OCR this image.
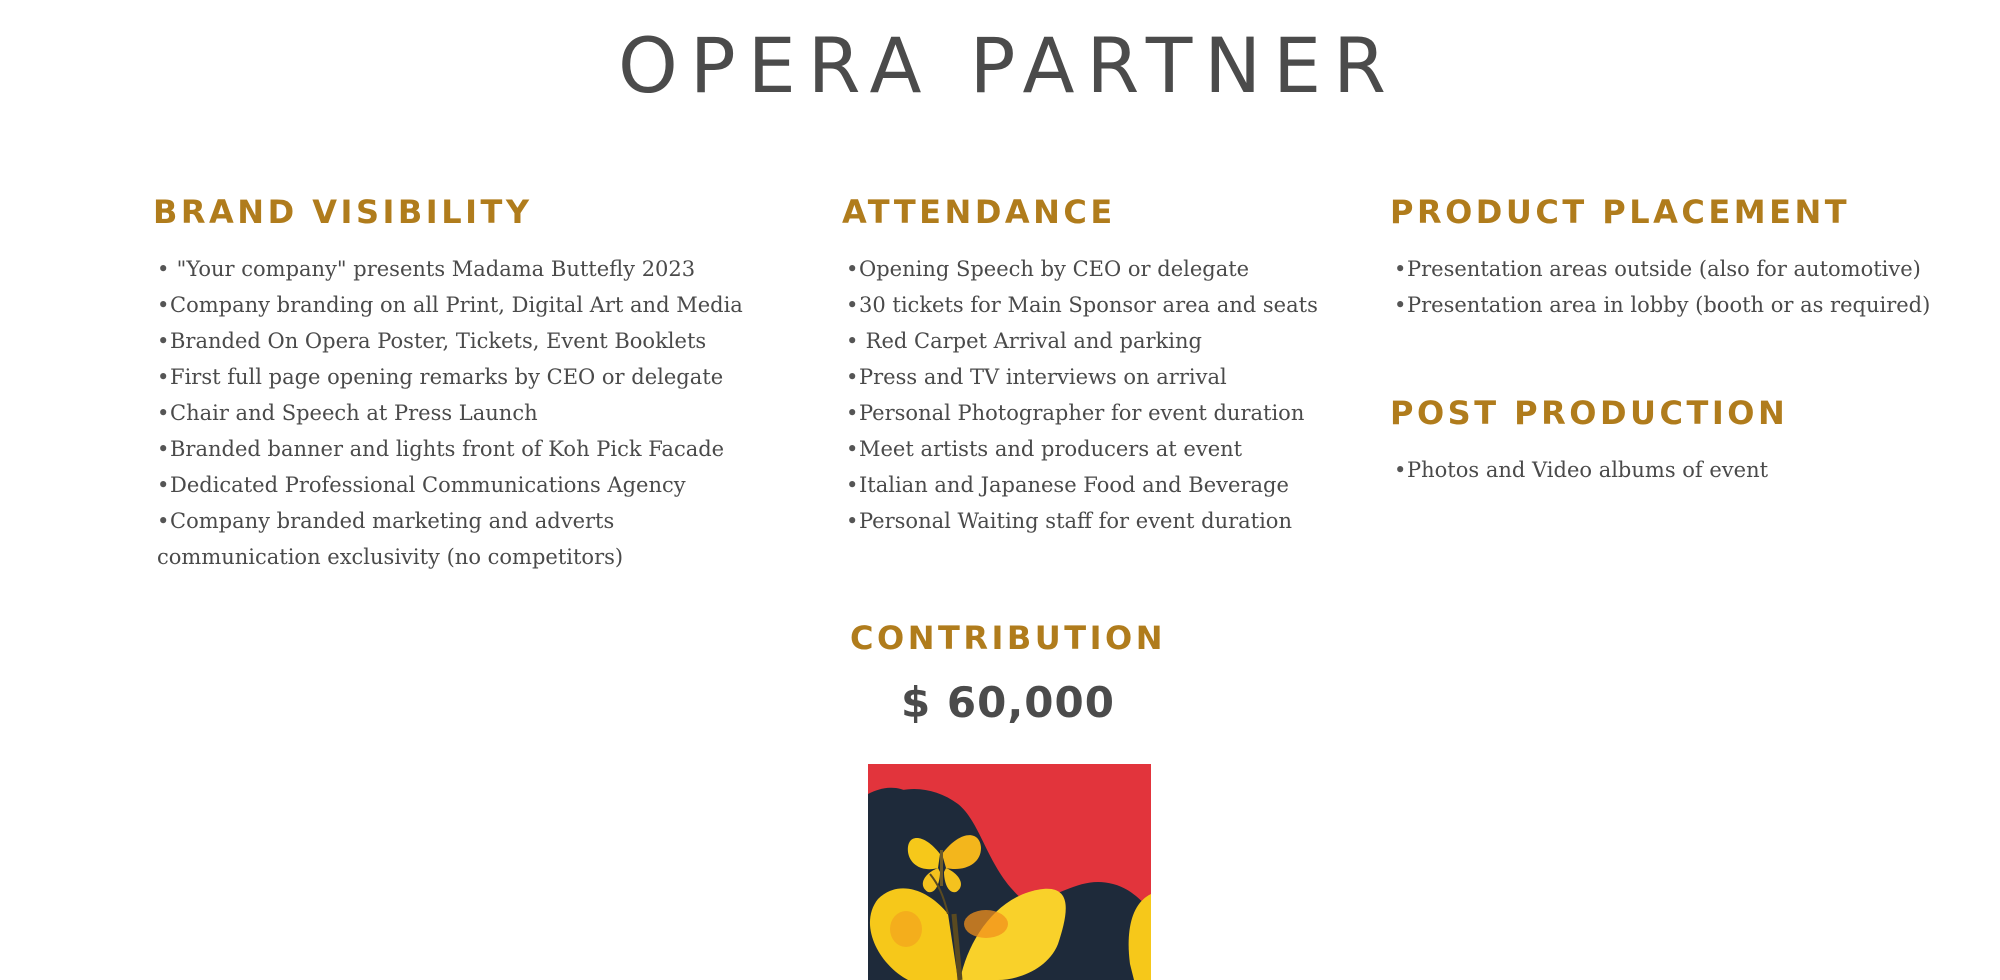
OPERA PARTNER
BRAND VISIBILITY
• "Your company" presents Madama Buttefly 2023
•Company branding on all Print, Digital Art and Media
•Branded On Opera Poster, Tickets, Event Booklets
•First full page opening remarks by CEO or delegate
•Chair and Speech at Press Launch
•Branded banner and lights front of Koh Pick Facade
•Dedicated Professional Communications Agency
•Company branded marketing and adverts
communication exclusivity (no competitors)
ATTENDANCE
•Opening Speech by CEO or delegate
•30 tickets for Main Sponsor area and seats
• Red Carpet Arrival and parking
•Press and TV interviews on arrival
•Personal Photographer for event duration
•Meet artists and producers at event
•Italian and Japanese Food and Beverage
•Personal Waiting staff for event duration
PRODUCT PLACEMENT
•Presentation areas outside (also for automotive)
•Presentation area in lobby (booth or as required)
POST PRODUCTION
•Photos and Video albums of event
CONTRIBUTION
$ 60,000
